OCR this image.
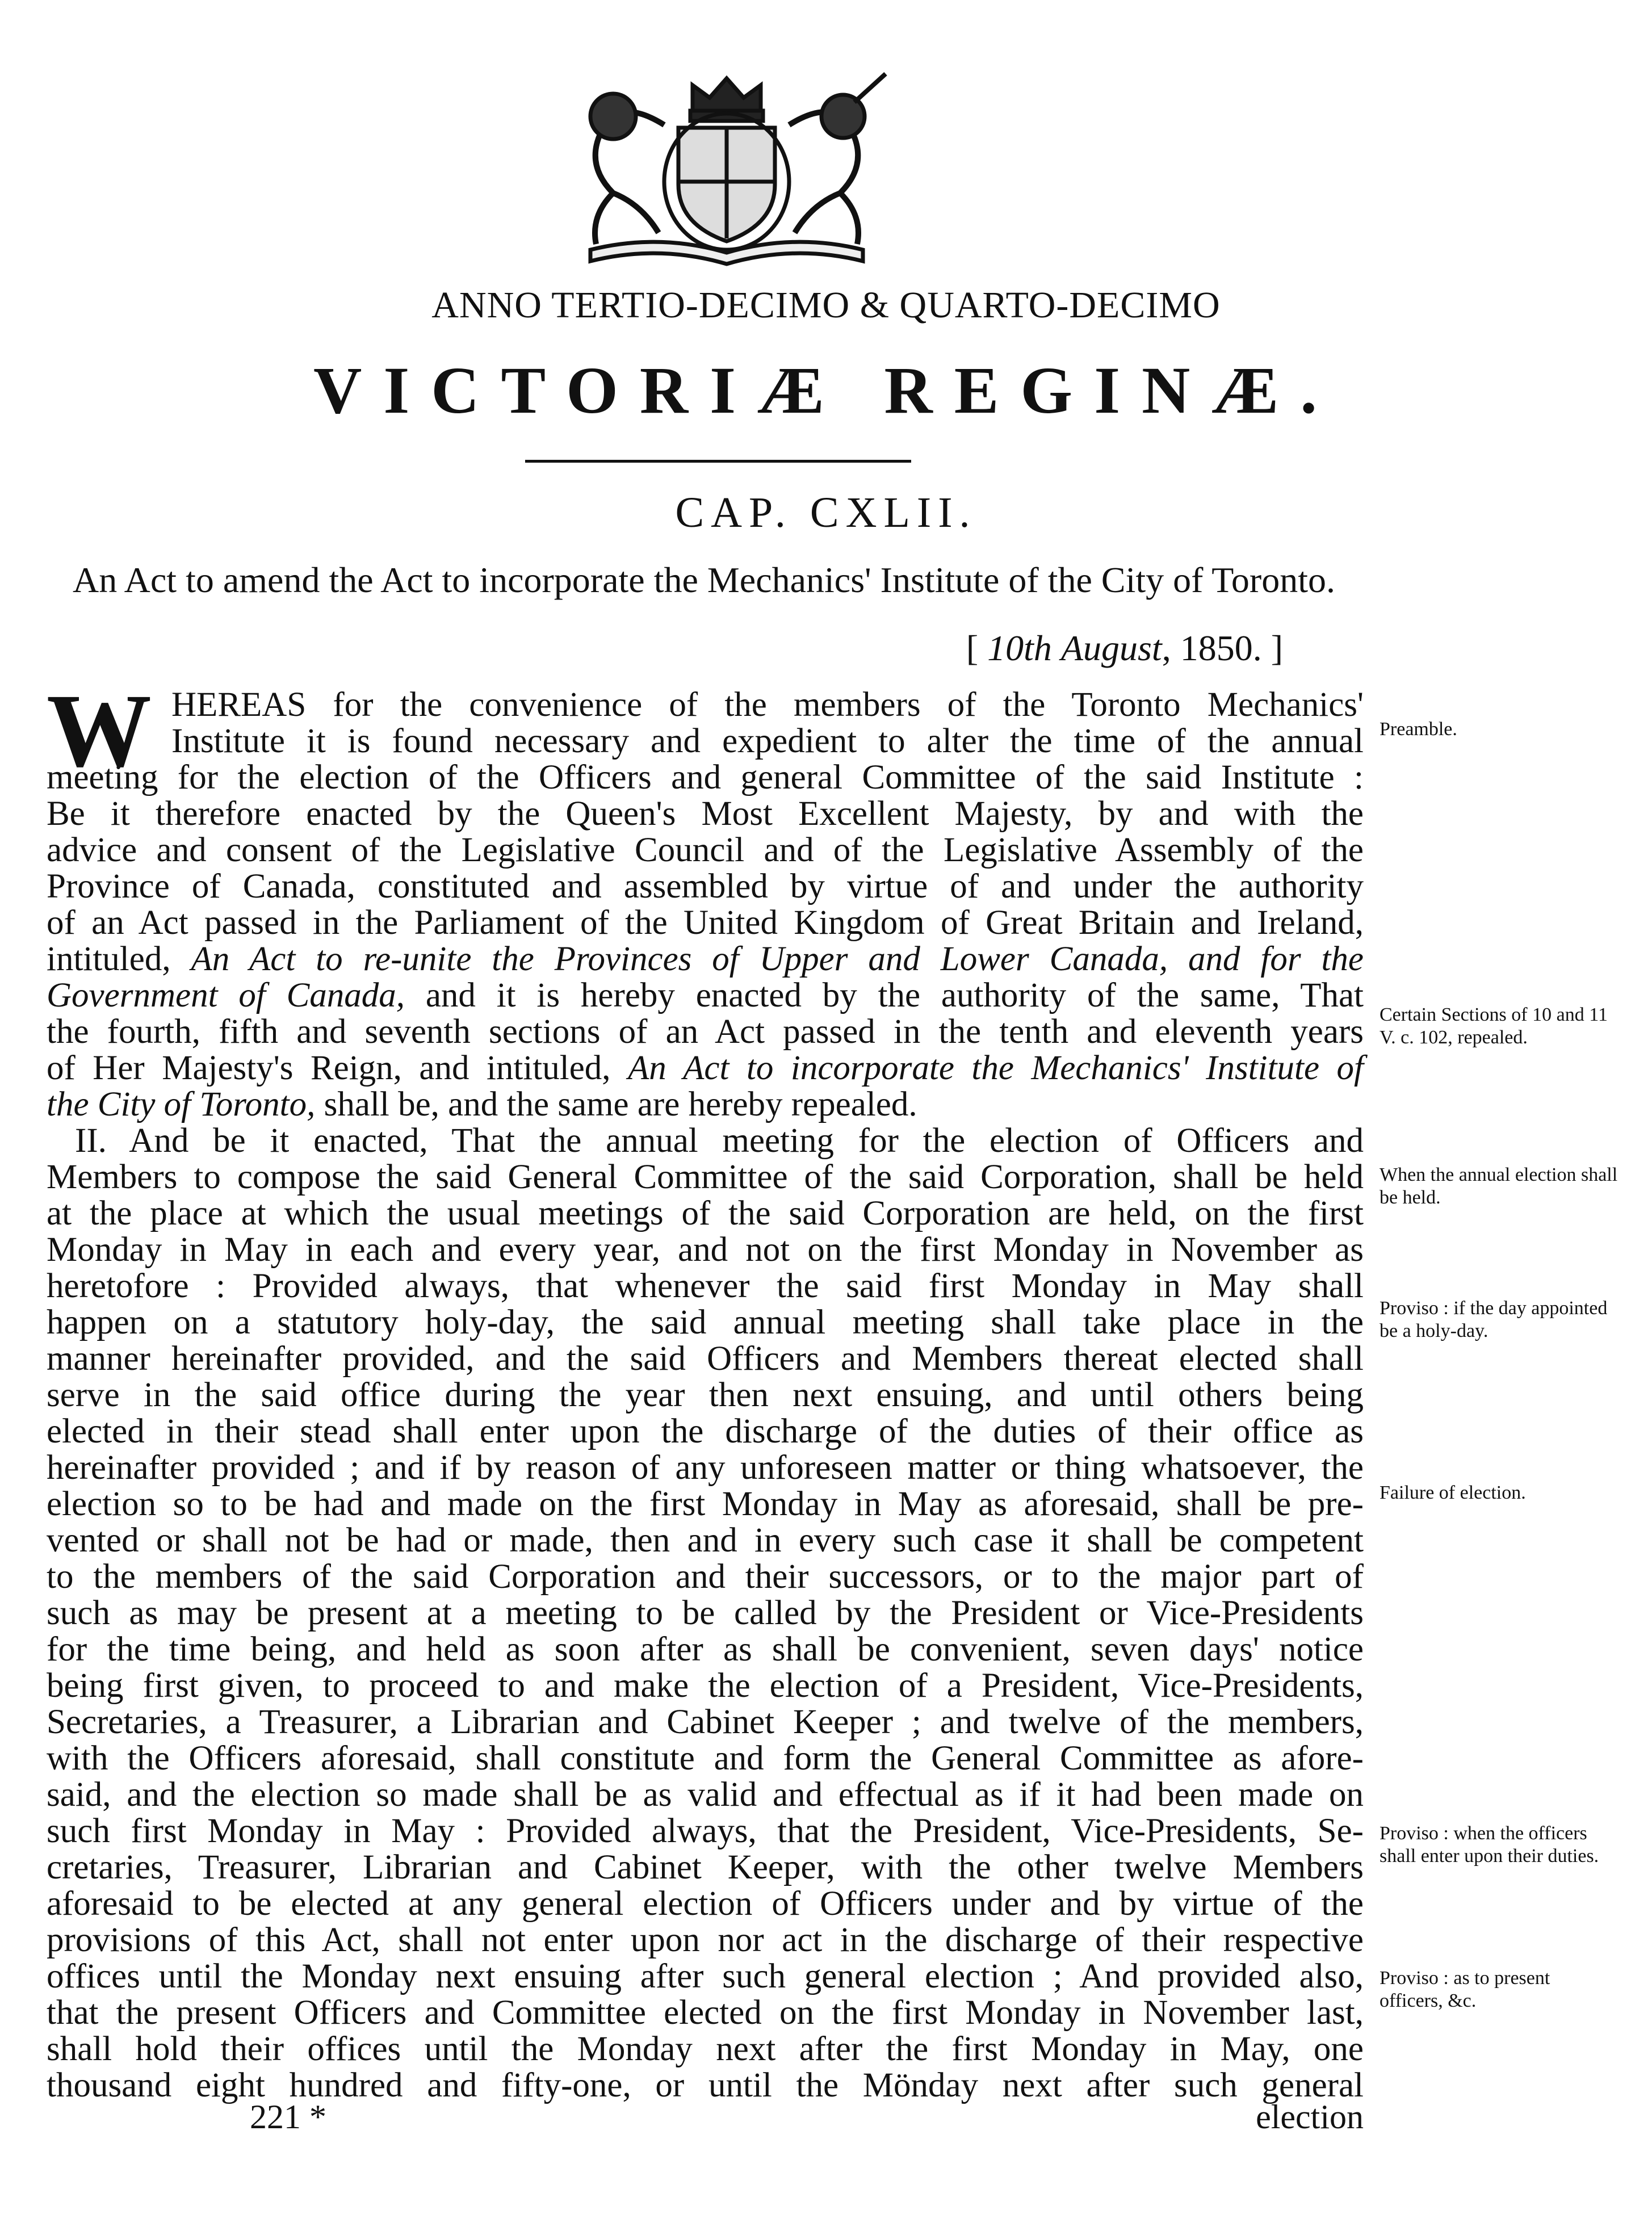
ANNO TERTIO-DECIMO & QUARTO-DECIMO
VICTORIÆ REGINÆ.
CAP. CXLII.
An Act to amend the Act to incorporate the Mechanics' Institute of the City of Toronto.
[ 10th August, 1850. ]
W HEREAS for the convenience of the members of the Toronto Mechanics'
Institute it is found necessary and expedient to alter the time of the annual
meeting for the election of the Officers and general Committee of the said Institute :
Be it therefore enacted by the Queen's Most Excellent Majesty, by and with the
advice and consent of the Legislative Council and of the Legislative Assembly of the
Province of Canada, constituted and assembled by virtue of and under the authority
of an Act passed in the Parliament of the United Kingdom of Great Britain and Ireland,
intituled, An Act to re-unite the Provinces of Upper and Lower Canada, and for the
Government of Canada, and it is hereby enacted by the authority of the same, That
the fourth, fifth and seventh sections of an Act passed in the tenth and eleventh years
of Her Majesty's Reign, and intituled, An Act to incorporate the Mechanics' Institute of
the City of Toronto, shall be, and the same are hereby repealed.
II. And be it enacted, That the annual meeting for the election of Officers and
Members to compose the said General Committee of the said Corporation, shall be held
at the place at which the usual meetings of the said Corporation are held, on the first
Monday in May in each and every year, and not on the first Monday in November as
heretofore : Provided always, that whenever the said first Monday in May shall
happen on a statutory holy-day, the said annual meeting shall take place in the
manner hereinafter provided, and the said Officers and Members thereat elected shall
serve in the said office during the year then next ensuing, and until others being
elected in their stead shall enter upon the discharge of the duties of their office as
hereinafter provided ; and if by reason of any unforeseen matter or thing whatsoever, the
election so to be had and made on the first Monday in May as aforesaid, shall be pre-
vented or shall not be had or made, then and in every such case it shall be competent
to the members of the said Corporation and their successors, or to the major part of
such as may be present at a meeting to be called by the President or Vice-Presidents
for the time being, and held as soon after as shall be convenient, seven days' notice
being first given, to proceed to and make the election of a President, Vice-Presidents,
Secretaries, a Treasurer, a Librarian and Cabinet Keeper ; and twelve of the members,
with the Officers aforesaid, shall constitute and form the General Committee as afore-
said, and the election so made shall be as valid and effectual as if it had been made on
such first Monday in May : Provided always, that the President, Vice-Presidents, Se-
cretaries, Treasurer, Librarian and Cabinet Keeper, with the other twelve Members
aforesaid to be elected at any general election of Officers under and by virtue of the
provisions of this Act, shall not enter upon nor act in the discharge of their respective
offices until the Monday next ensuing after such general election ; And provided also,
that the present Officers and Committee elected on the first Monday in November last,
shall hold their offices until the Monday next after the first Monday in May, one
thousand eight hundred and fifty-one, or until the Mönday next after such general
Preamble.
Certain Sections of 10 and 11 V. c. 102, repealed.
When the annual election shall be held.
Proviso : if the day appointed be a holy-day.
Failure of election.
Proviso : when the officers shall enter upon their duties.
Proviso : as to present officers, &c.
221 *	election
